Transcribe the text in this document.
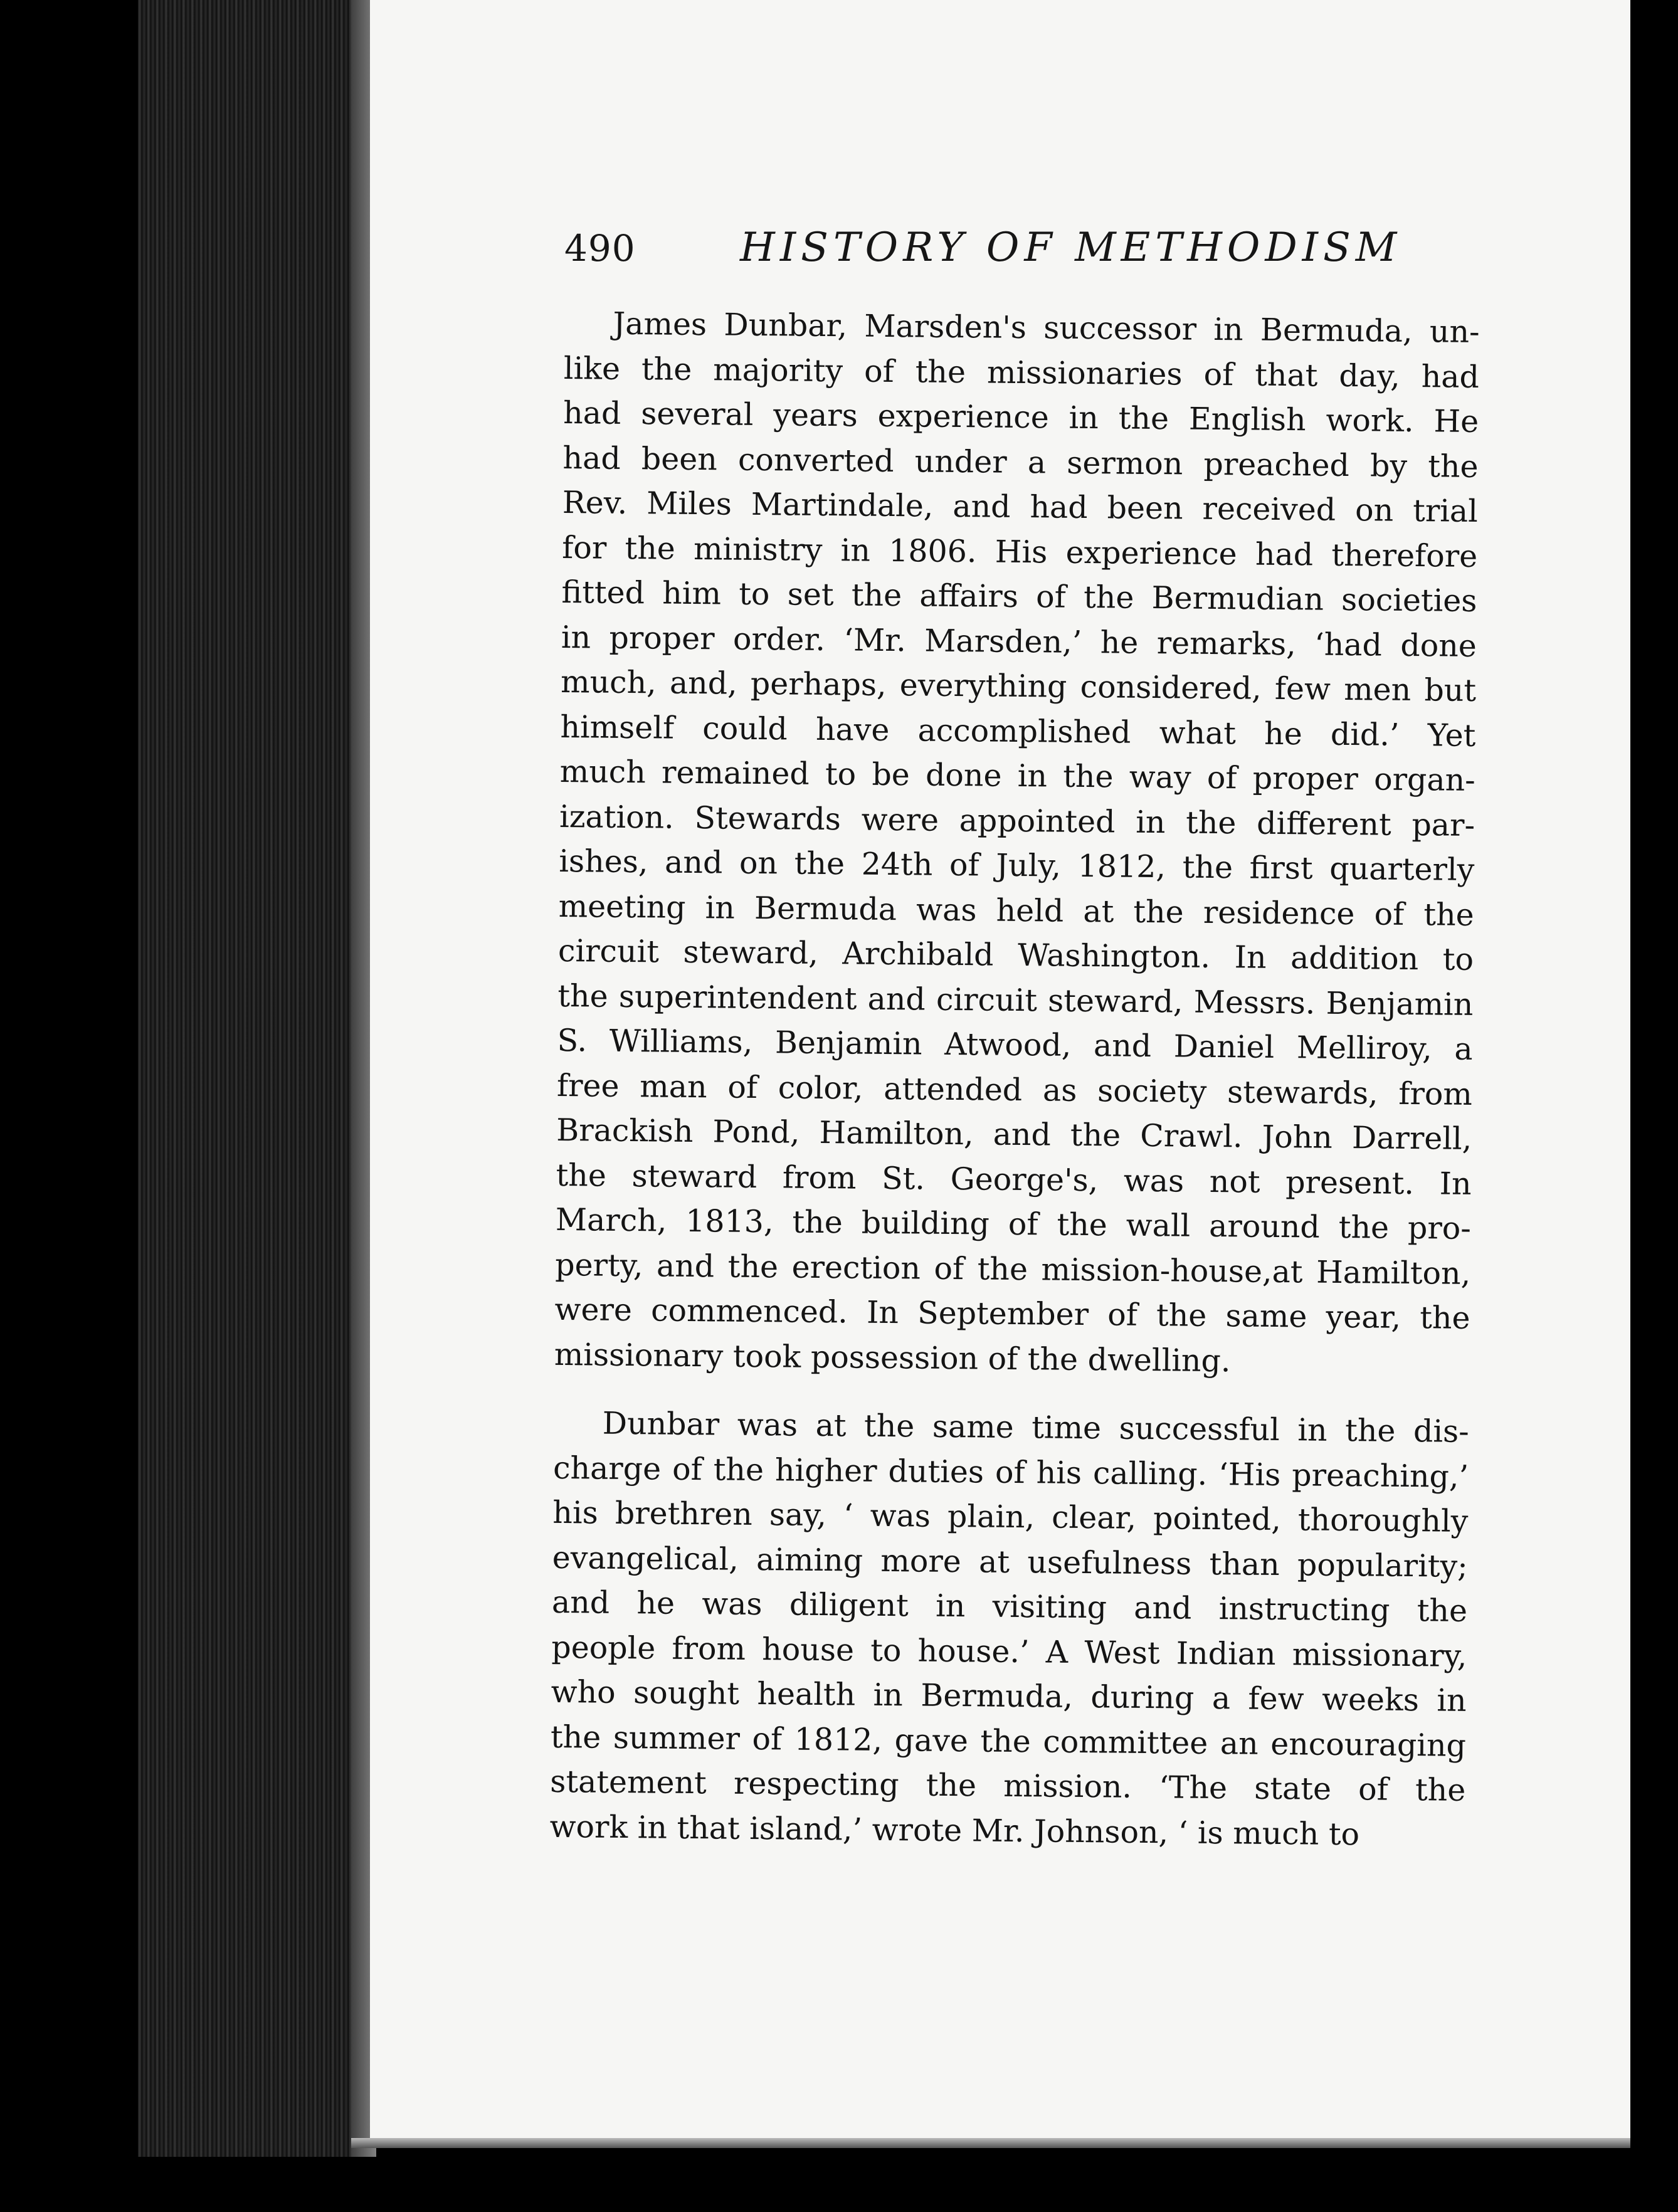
490	HISTORY OF METHODISM

James Dunbar, Marsden's successor in Bermuda, un-
like the majority of the missionaries of that day, had
had several years experience in the English work. He
had been converted under a sermon preached by the
Rev. Miles Martindale, and had been received on trial
for the ministry in 1806. His experience had therefore
fitted him to set the affairs of the Bermudian societies
in proper order. ‘Mr. Marsden,’ he remarks, ‘had done
much, and, perhaps, everything considered, few men but
himself could have accomplished what he did.’ Yet
much remained to be done in the way of proper organ-
ization. Stewards were appointed in the different par-
ishes, and on the 24th of July, 1812, the first quarterly
meeting in Bermuda was held at the residence of the
circuit steward, Archibald Washington. In addition to
the superintendent and circuit steward, Messrs. Benjamin
S. Williams, Benjamin Atwood, and Daniel Melliroy, a
free man of color, attended as society stewards, from
Brackish Pond, Hamilton, and the Crawl. John Darrell,
the steward from St. George's, was not present. In
March, 1813, the building of the wall around the pro-
perty, and the erection of the mission-house,at Hamilton,
were commenced. In September of the same year, the
missionary took possession of the dwelling.

Dunbar was at the same time successful in the dis-
charge of the higher duties of his calling. ‘His preaching,’
his brethren say, ‘ was plain, clear, pointed, thoroughly
evangelical, aiming more at usefulness than popularity;
and he was diligent in visiting and instructing the
people from house to house.’ A West Indian missionary,
who sought health in Bermuda, during a few weeks in
the summer of 1812, gave the committee an encouraging
statement respecting the mission. ‘The state of the
work in that island,’ wrote Mr. Johnson, ‘ is much to
